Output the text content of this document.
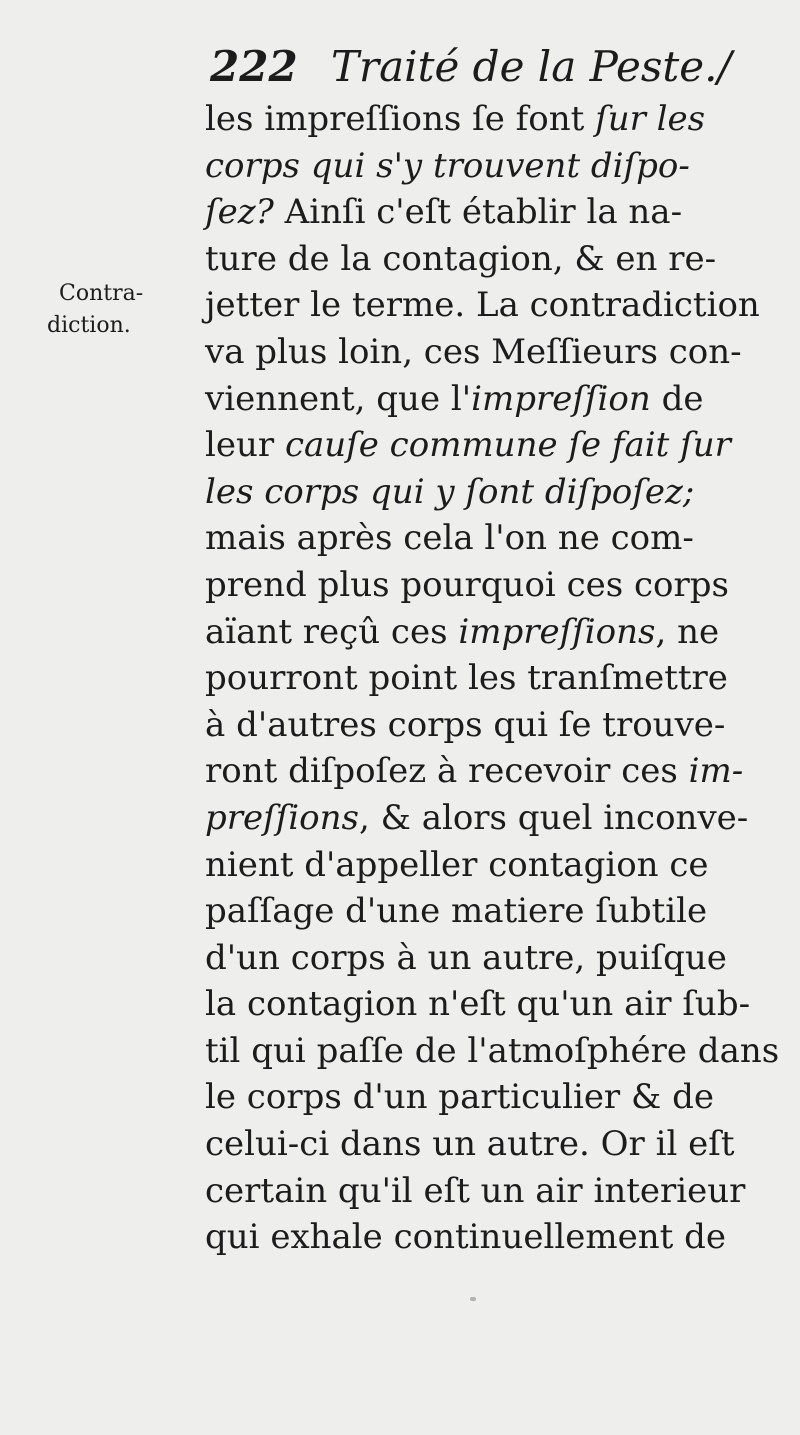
222 Traité de la Peste./
Contra-
diction.
les impreſſions ſe font ſur les
corps qui s'y trouvent diſpo-
ſez? Ainſi c'eſt établir la na-
ture de la contagion, & en re-
jetter le terme. La contradiction
va plus loin, ces Meſſieurs con-
viennent, que l'impreſſion de
leur cauſe commune ſe fait ſur
les corps qui y ſont diſpoſez;
mais après cela l'on ne com-
prend plus pourquoi ces corps
aïant reçû ces impreſſions, ne
pourront point les tranſmettre
à d'autres corps qui ſe trouve-
ront diſpoſez à recevoir ces im-
preſſions, & alors quel inconve-
nient d'appeller contagion ce
paſſage d'une matiere ſubtile
d'un corps à un autre, puiſque
la contagion n'eſt qu'un air ſub-
til qui paſſe de l'atmoſphére dans
le corps d'un particulier & de
celui-ci dans un autre. Or il eſt
certain qu'il eſt un air interieur
qui exhale continuellement de
